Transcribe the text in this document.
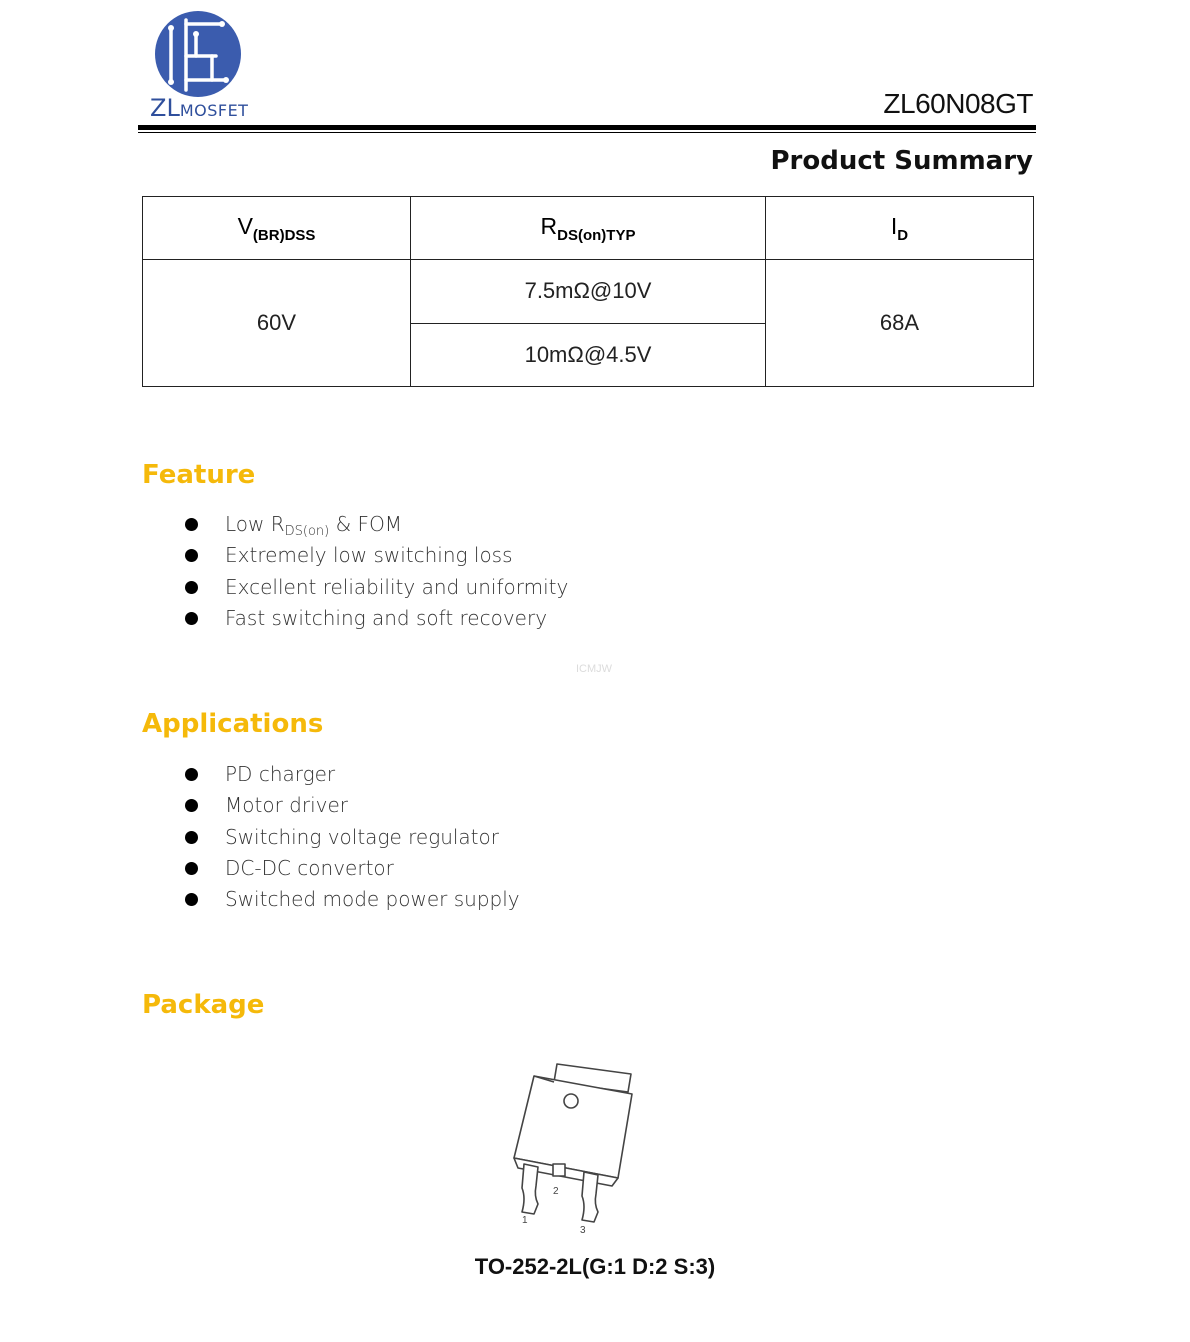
ZLMOSFET	ZL60N08GT
Product Summary
$V_{(BR)DSS}$	$R_{DS(on)TYP}$	$I_D$
60V	7.5mΩ@10V	68A
	10mΩ@4.5V	
Feature
Low $R_{DS(on)}$ & FOM
Extremely low switching loss
Excellent reliability and uniformity
Fast switching and soft recovery
ICMJW
Applications
PD charger
Motor driver
Switching voltage regulator
DC-DC convertor
Switched mode power supply
Package
1
2
3
TO-252-2L(G:1 D:2 S:3)
